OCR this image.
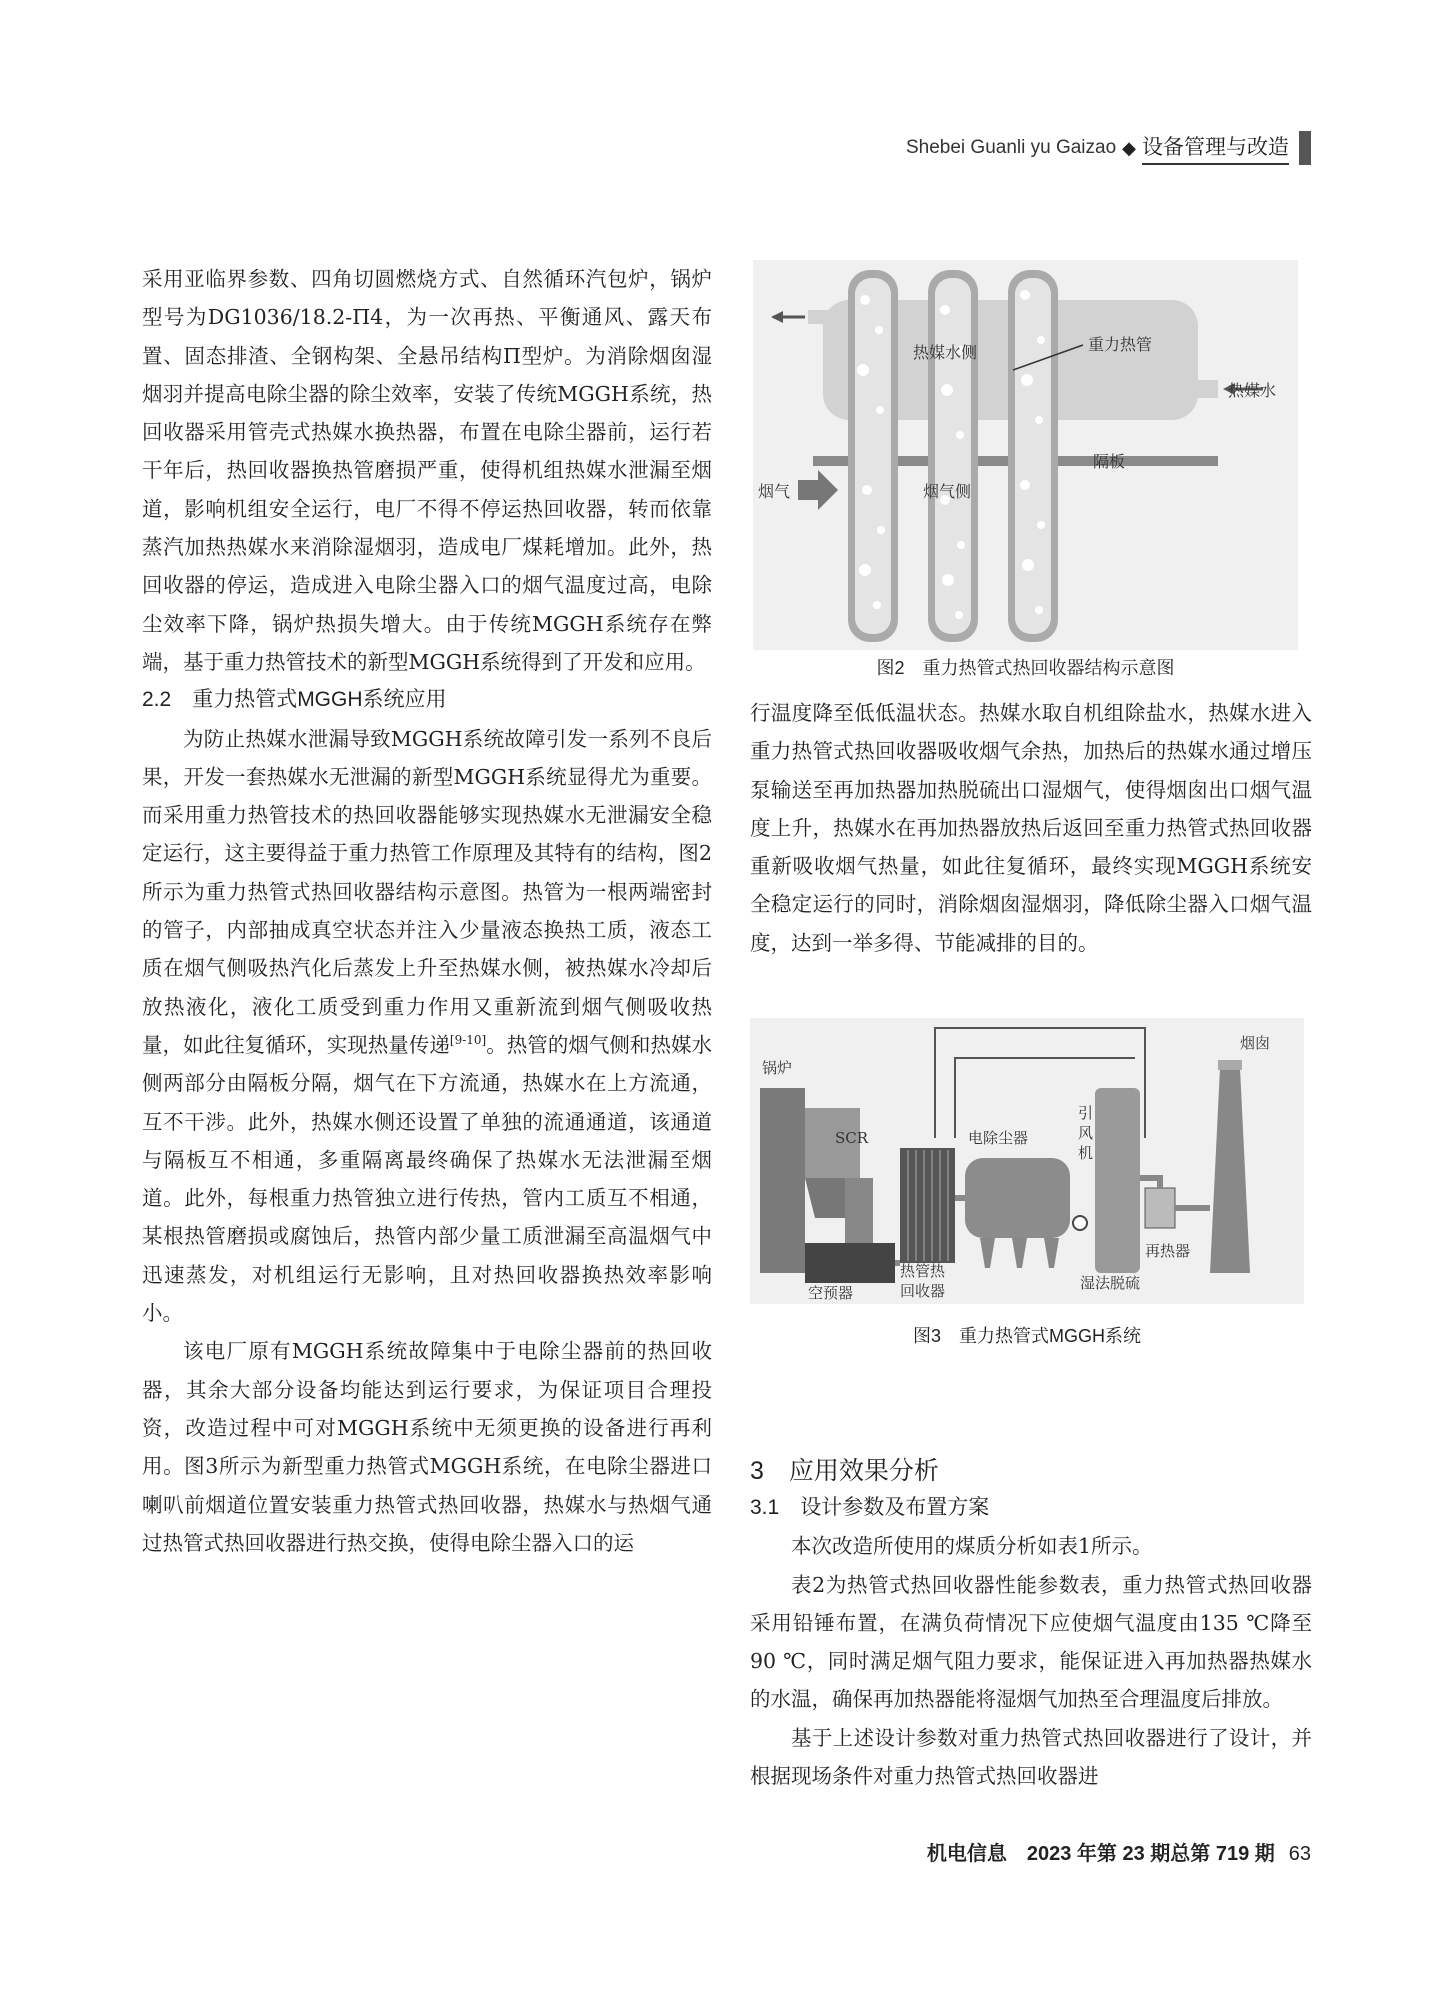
Shebei Guanli yu Gaizao ◆ 设备管理与改造

采用亚临界参数、四角切圆燃烧方式、自然循环汽包炉，锅炉型号为DG1036/18.2-Π4，为一次再热、平衡通风、露天布置、固态排渣、全钢构架、全悬吊结构Π型炉。为消除烟囱湿烟羽并提高电除尘器的除尘效率，安装了传统MGGH系统，热回收器采用管壳式热媒水换热器，布置在电除尘器前，运行若干年后，热回收器换热管磨损严重，使得机组热媒水泄漏至烟道，影响机组安全运行，电厂不得不停运热回收器，转而依靠蒸汽加热热媒水来消除湿烟羽，造成电厂煤耗增加。此外，热回收器的停运，造成进入电除尘器入口的烟气温度过高，电除尘效率下降，锅炉热损失增大。由于传统MGGH系统存在弊端，基于重力热管技术的新型MGGH系统得到了开发和应用。

2.2　重力热管式MGGH系统应用

为防止热媒水泄漏导致MGGH系统故障引发一系列不良后果，开发一套热媒水无泄漏的新型MGGH系统显得尤为重要。而采用重力热管技术的热回收器能够实现热媒水无泄漏安全稳定运行，这主要得益于重力热管工作原理及其特有的结构，图2所示为重力热管式热回收器结构示意图。热管为一根两端密封的管子，内部抽成真空状态并注入少量液态换热工质，液态工质在烟气侧吸热汽化后蒸发上升至热媒水侧，被热媒水冷却后放热液化，液化工质受到重力作用又重新流到烟气侧吸收热量，如此往复循环，实现热量传递[9-10]。热管的烟气侧和热媒水侧两部分由隔板分隔，烟气在下方流通，热媒水在上方流通，互不干涉。此外，热媒水侧还设置了单独的流通通道，该通道与隔板互不相通，多重隔离最终确保了热媒水无法泄漏至烟道。此外，每根重力热管独立进行传热，管内工质互不相通，某根热管磨损或腐蚀后，热管内部少量工质泄漏至高温烟气中迅速蒸发，对机组运行无影响，且对热回收器换热效率影响小。

该电厂原有MGGH系统故障集中于电除尘器前的热回收器，其余大部分设备均能达到运行要求，为保证项目合理投资，改造过程中可对MGGH系统中无须更换的设备进行再利用。图3所示为新型重力热管式MGGH系统，在电除尘器进口喇叭前烟道位置安装重力热管式热回收器，热媒水与热烟气通过热管式热回收器进行热交换，使得电除尘器入口的运

热媒水侧	重力热管
热媒水
隔板
烟气	烟气侧
图2　重力热管式热回收器结构示意图

行温度降至低低温状态。热媒水取自机组除盐水，热媒水进入重力热管式热回收器吸收烟气余热，加热后的热媒水通过增压泵输送至再加热器加热脱硫出口湿烟气，使得烟囱出口烟气温度上升，热媒水在再加热器放热后返回至重力热管式热回收器重新吸收烟气热量，如此往复循环，最终实现MGGH系统安全稳定运行的同时，消除烟囱湿烟羽，降低除尘器入口烟气温度，达到一举多得、节能减排的目的。

锅炉
SCR	电除尘器
引
风
机
烟囱
再热器
空预器
热管热
回收器	湿法脱硫
图3　重力热管式MGGH系统

3　应用效果分析

3.1　设计参数及布置方案

本次改造所使用的煤质分析如表1所示。

表2为热管式热回收器性能参数表，重力热管式热回收器采用铅锤布置，在满负荷情况下应使烟气温度由135 ℃降至90 ℃，同时满足烟气阻力要求，能保证进入再加热器热媒水的水温，确保再加热器能将湿烟气加热至合理温度后排放。

基于上述设计参数对重力热管式热回收器进行了设计，并根据现场条件对重力热管式热回收器进

机电信息　2023 年第 23 期总第 719 期 63
